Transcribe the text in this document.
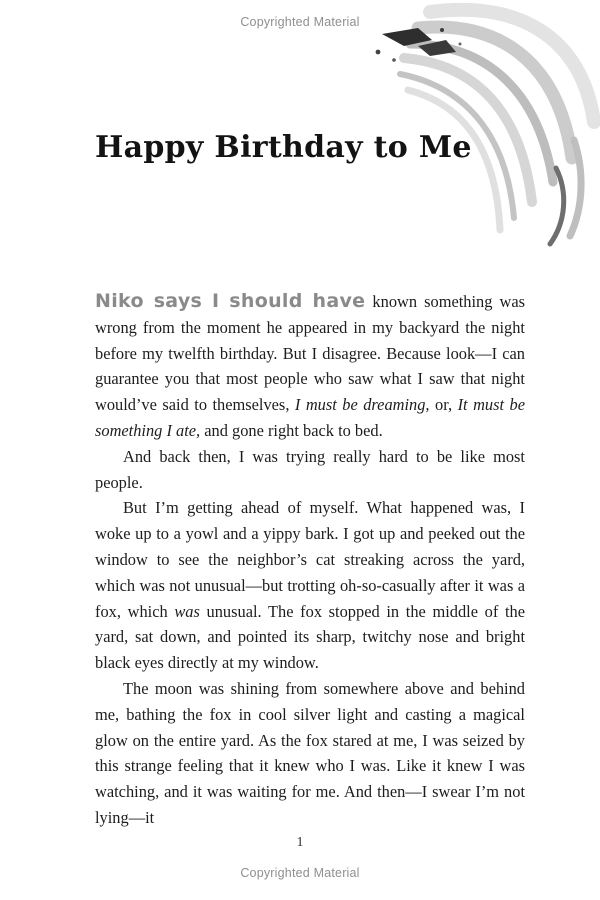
Copyrighted Material
Happy Birthday to Me

Niko says I should have known something was wrong from the moment he appeared in my backyard the night before my twelfth birthday. But I disagree. Because look—I can guarantee you that most people who saw what I saw that night would’ve said to themselves, I must be dreaming, or, It must be something I ate, and gone right back to bed.

And back then, I was trying really hard to be like most people.

But I’m getting ahead of myself. What happened was, I woke up to a yowl and a yippy bark. I got up and peeked out the window to see the neighbor’s cat streaking across the yard, which was not unusual—but trotting oh-so-casually after it was a fox, which was unusual. The fox stopped in the middle of the yard, sat down, and pointed its sharp, twitchy nose and bright black eyes directly at my window.

The moon was shining from somewhere above and behind me, bathing the fox in cool silver light and casting a magical glow on the entire yard. As the fox stared at me, I was seized by this strange feeling that it knew who I was. Like it knew I was watching, and it was waiting for me. And then—I swear I’m not lying—it

1
Copyrighted Material
